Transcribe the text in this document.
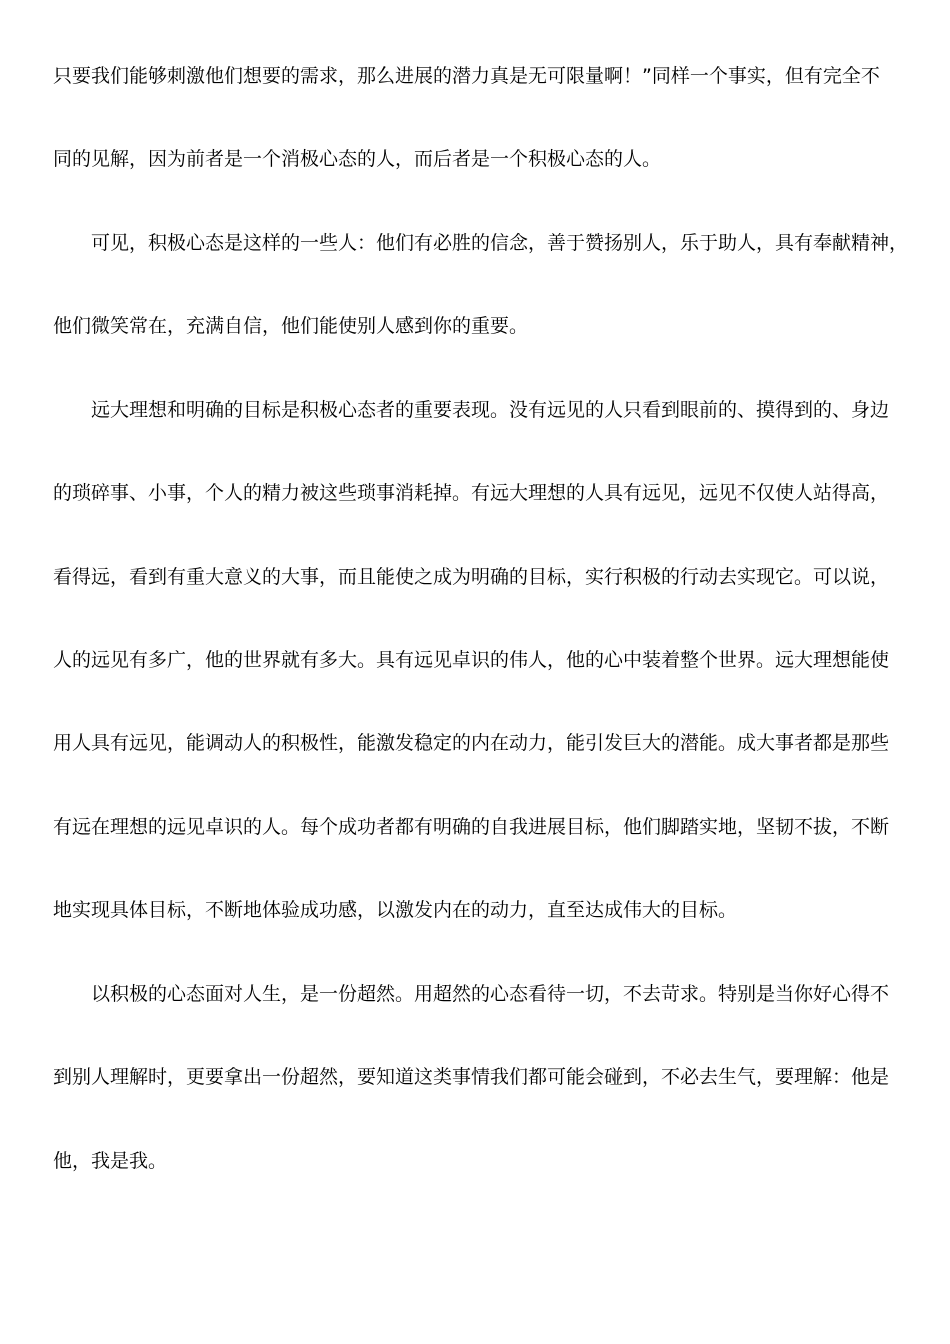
只要我们能够刺激他们想要的需求，那么进展的潜力真是无可限量啊！”同样一个事实，但有完全不
同的见解，因为前者是一个消极心态的人，而后者是一个积极心态的人。
　　可见，积极心态是这样的一些人：他们有必胜的信念，善于赞扬别人，乐于助人，具有奉献精神，
他们微笑常在，充满自信，他们能使别人感到你的重要。
　　远大理想和明确的目标是积极心态者的重要表现。没有远见的人只看到眼前的、摸得到的、身边
的琐碎事、小事，个人的精力被这些琐事消耗掉。有远大理想的人具有远见，远见不仅使人站得高，
看得远，看到有重大意义的大事，而且能使之成为明确的目标，实行积极的行动去实现它。可以说，
人的远见有多广，他的世界就有多大。具有远见卓识的伟人，他的心中装着整个世界。远大理想能使
用人具有远见，能调动人的积极性，能激发稳定的内在动力，能引发巨大的潜能。成大事者都是那些
有远在理想的远见卓识的人。每个成功者都有明确的自我进展目标，他们脚踏实地，坚韧不拔，不断
地实现具体目标，不断地体验成功感，以激发内在的动力，直至达成伟大的目标。
　　以积极的心态面对人生，是一份超然。用超然的心态看待一切，不去苛求。特别是当你好心得不
到别人理解时，更要拿出一份超然，要知道这类事情我们都可能会碰到，不必去生气，要理解：他是
他，我是我。
